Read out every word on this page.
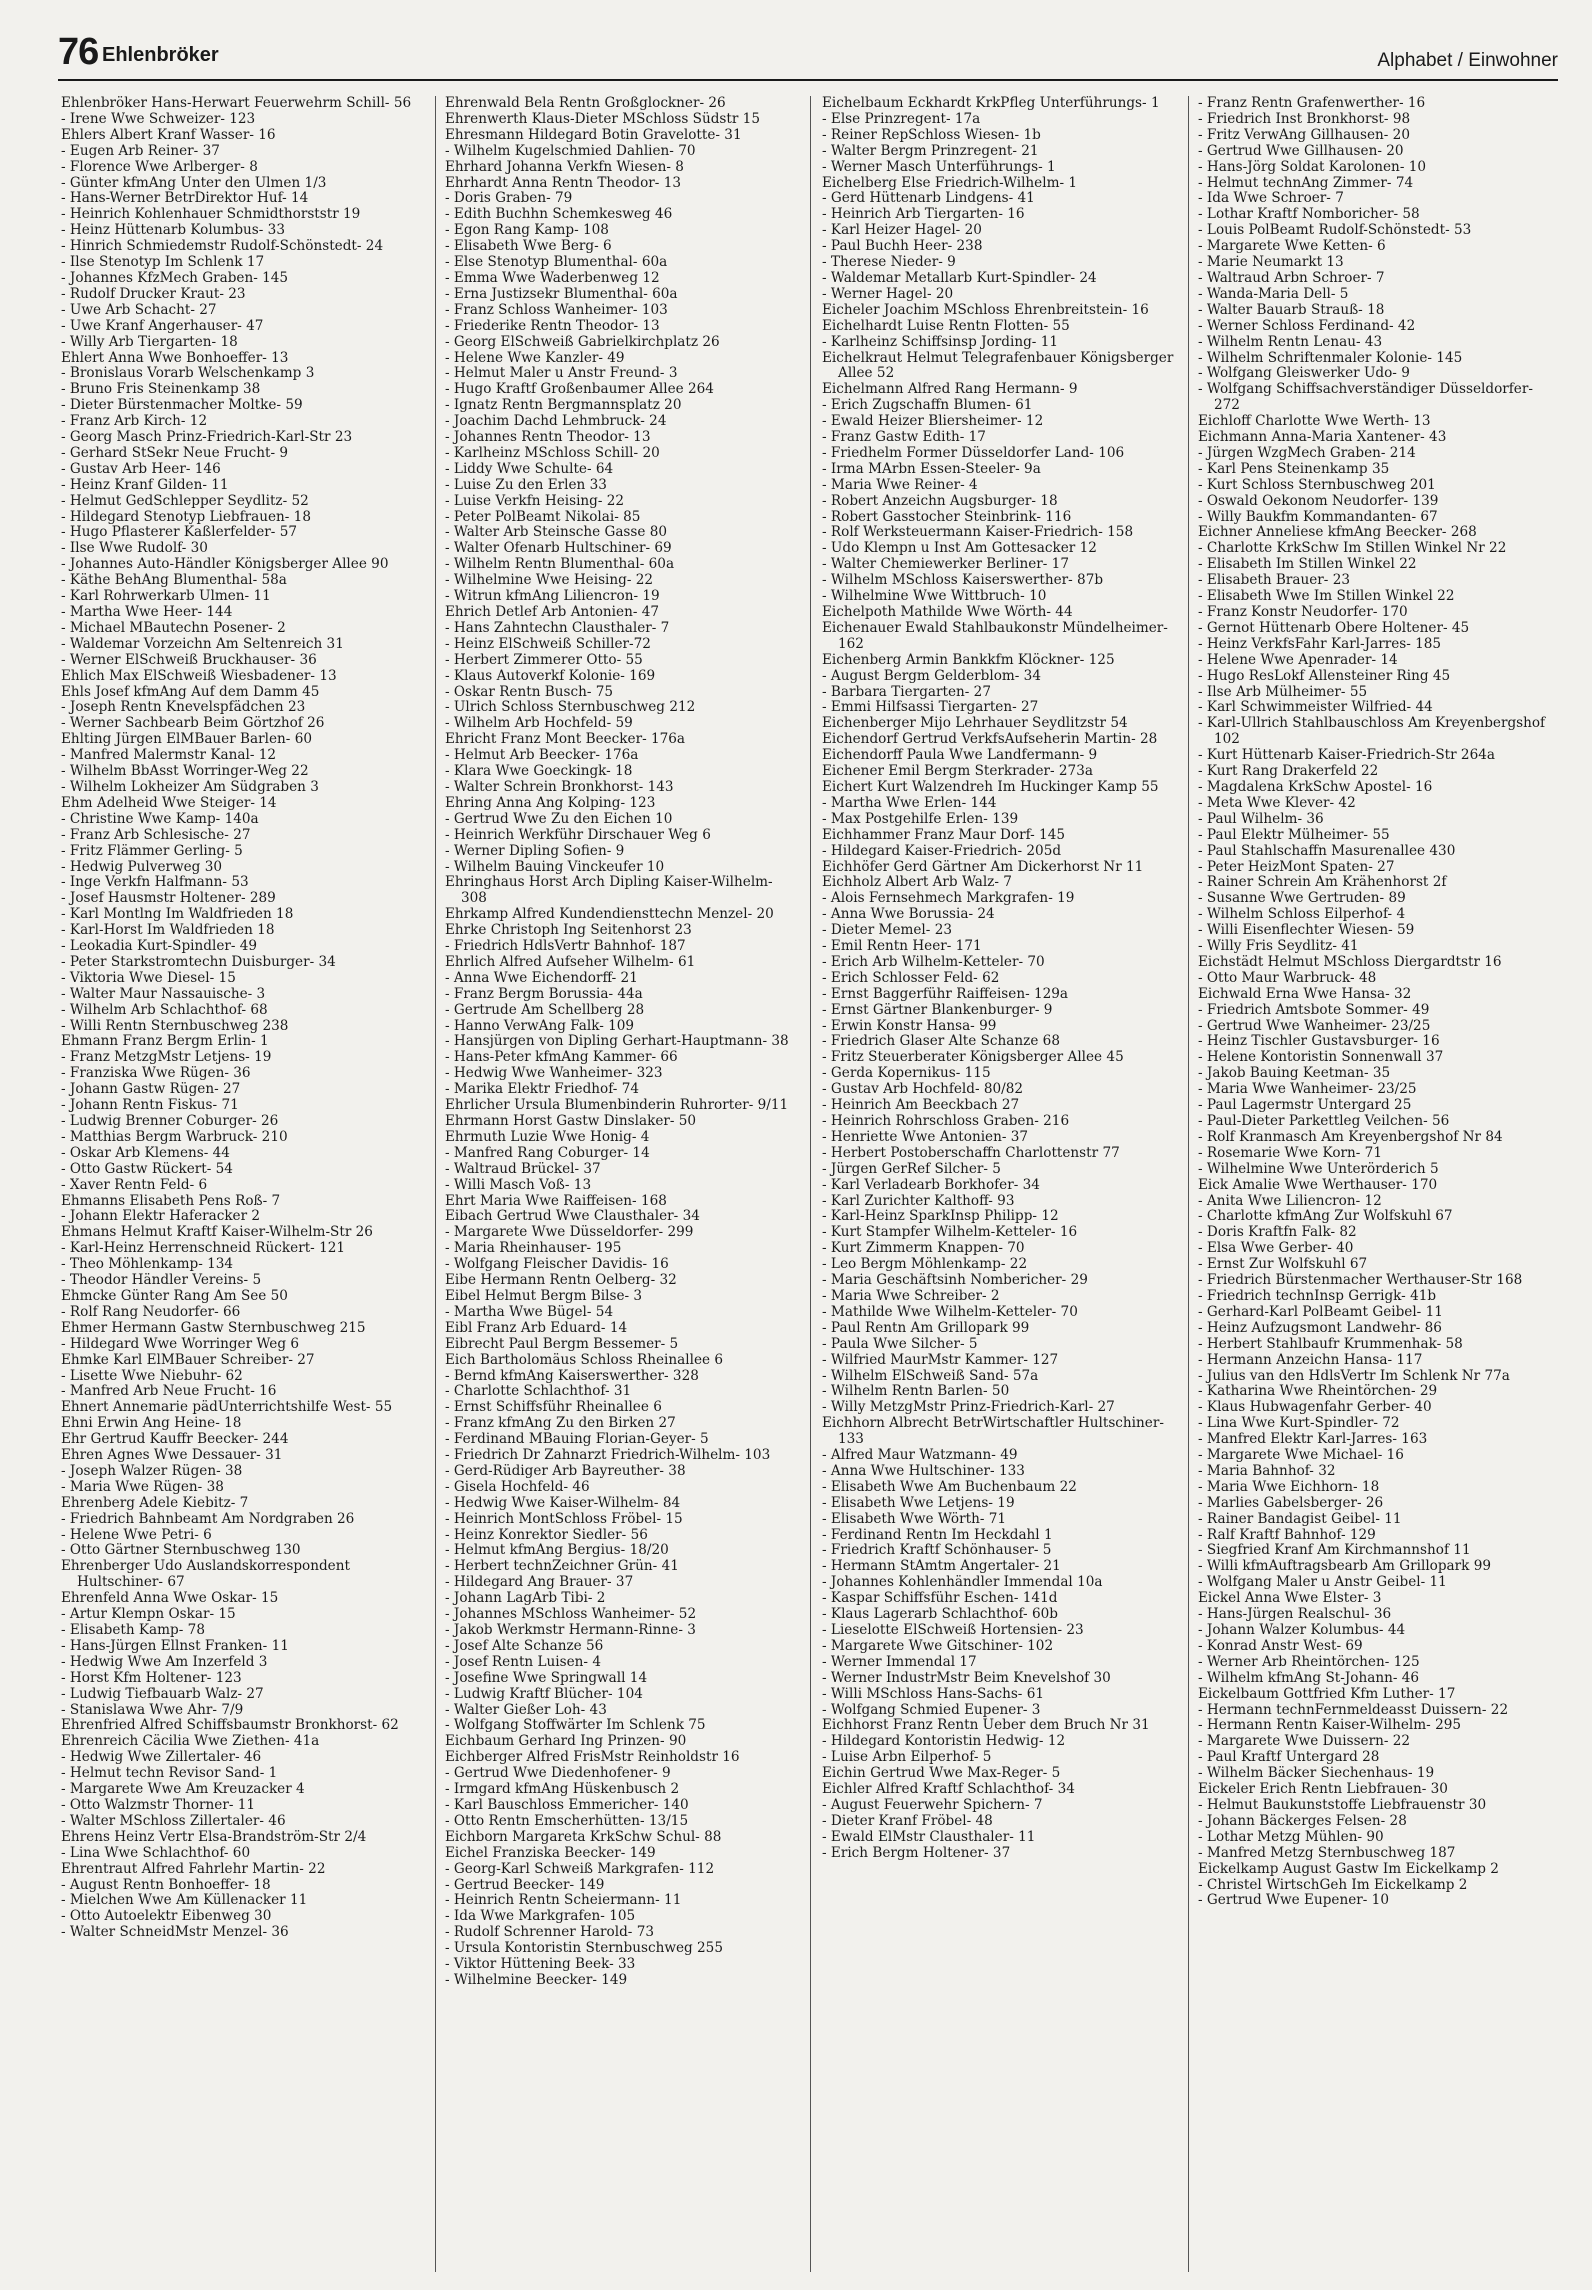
76 Ehlenbröker	Alphabet / Einwohner
Ehlenbröker Hans-Herwart Feuerwehrm Schill- 56
- Irene Wwe Schweizer- 123
Ehlers Albert Kranf Wasser- 16
- Eugen Arb Reiner- 37
- Florence Wwe Arlberger- 8
- Günter kfmAng Unter den Ulmen 1/3
- Hans-Werner BetrDirektor Huf- 14
- Heinrich Kohlenhauer Schmidthorststr 19
- Heinz Hüttenarb Kolumbus- 33
- Hinrich Schmiedemstr Rudolf-Schönstedt- 24
- Ilse Stenotyp Im Schlenk 17
- Johannes KfzMech Graben- 145
- Rudolf Drucker Kraut- 23
- Uwe Arb Schacht- 27
- Uwe Kranf Angerhauser- 47
- Willy Arb Tiergarten- 18
Ehlert Anna Wwe Bonhoeffer- 13
- Bronislaus Vorarb Welschenkamp 3
- Bruno Fris Steinenkamp 38
- Dieter Bürstenmacher Moltke- 59
- Franz Arb Kirch- 12
- Georg Masch Prinz-Friedrich-Karl-Str 23
- Gerhard StSekr Neue Frucht- 9
- Gustav Arb Heer- 146
- Heinz Kranf Gilden- 11
- Helmut GedSchlepper Seydlitz- 52
- Hildegard Stenotyp Liebfrauen- 18
- Hugo Pflasterer Kaßlerfelder- 57
- Ilse Wwe Rudolf- 30
- Johannes Auto-Händler Königsberger Allee 90
- Käthe BehAng Blumenthal- 58a
- Karl Rohrwerkarb Ulmen- 11
- Martha Wwe Heer- 144
- Michael MBautechn Posener- 2
- Waldemar Vorzeichn Am Seltenreich 31
- Werner ElSchweiß Bruckhauser- 36
Ehlich Max ElSchweiß Wiesbadener- 13
Ehls Josef kfmAng Auf dem Damm 45
- Joseph Rentn Knevelspfädchen 23
- Werner Sachbearb Beim Görtzhof 26
Ehlting Jürgen ElMBauer Barlen- 60
- Manfred Malermstr Kanal- 12
- Wilhelm BbAsst Worringer-Weg 22
- Wilhelm Lokheizer Am Südgraben 3
Ehm Adelheid Wwe Steiger- 14
- Christine Wwe Kamp- 140a
- Franz Arb Schlesische- 27
- Fritz Flämmer Gerling- 5
- Hedwig Pulverweg 30
- Inge Verkfn Halfmann- 53
- Josef Hausmstr Holtener- 289
- Karl Montlng Im Waldfrieden 18
- Karl-Horst Im Waldfrieden 18
- Leokadia Kurt-Spindler- 49
- Peter Starkstromtechn Duisburger- 34
- Viktoria Wwe Diesel- 15
- Walter Maur Nassauische- 3
- Wilhelm Arb Schlachthof- 68
- Willi Rentn Sternbuschweg 238
Ehmann Franz Bergm Erlin- 1
- Franz MetzgMstr Letjens- 19
- Franziska Wwe Rügen- 36
- Johann Gastw Rügen- 27
- Johann Rentn Fiskus- 71
- Ludwig Brenner Coburger- 26
- Matthias Bergm Warbruck- 210
- Oskar Arb Klemens- 44
- Otto Gastw Rückert- 54
- Xaver Rentn Feld- 6
Ehmanns Elisabeth Pens Roß- 7
- Johann Elektr Haferacker 2
Ehmans Helmut Kraftf Kaiser-Wilhelm-Str 26
- Karl-Heinz Herrenschneid Rückert- 121
- Theo Möhlenkamp- 134
- Theodor Händler Vereins- 5
Ehmcke Günter Rang Am See 50
- Rolf Rang Neudorfer- 66
Ehmer Hermann Gastw Sternbuschweg 215
- Hildegard Wwe Worringer Weg 6
Ehmke Karl ElMBauer Schreiber- 27
- Lisette Wwe Niebuhr- 62
- Manfred Arb Neue Frucht- 16
Ehnert Annemarie pädUnterrichtshilfe West- 55
Ehni Erwin Ang Heine- 18
Ehr Gertrud Kauffr Beecker- 244
Ehren Agnes Wwe Dessauer- 31
- Joseph Walzer Rügen- 38
- Maria Wwe Rügen- 38
Ehrenberg Adele Kiebitz- 7
- Friedrich Bahnbeamt Am Nordgraben 26
- Helene Wwe Petri- 6
- Otto Gärtner Sternbuschweg 130
Ehrenberger Udo Auslandskorrespondent Hultschiner- 67
Ehrenfeld Anna Wwe Oskar- 15
- Artur Klempn Oskar- 15
- Elisabeth Kamp- 78
- Hans-Jürgen Ellnst Franken- 11
- Hedwig Wwe Am Inzerfeld 3
- Horst Kfm Holtener- 123
- Ludwig Tiefbauarb Walz- 27
- Stanislawa Wwe Ahr- 7/9
Ehrenfried Alfred Schiffsbaumstr Bronkhorst- 62
Ehrenreich Cäcilia Wwe Ziethen- 41a
- Hedwig Wwe Zillertaler- 46
- Helmut techn Revisor Sand- 1
- Margarete Wwe Am Kreuzacker 4
- Otto Walzmstr Thorner- 11
- Walter MSchloss Zillertaler- 46
Ehrens Heinz Vertr Elsa-Brandström-Str 2/4
- Lina Wwe Schlachthof- 60
Ehrentraut Alfred Fahrlehr Martin- 22
- August Rentn Bonhoeffer- 18
- Mielchen Wwe Am Küllenacker 11
- Otto Autoelektr Eibenweg 30
- Walter SchneidMstr Menzel- 36
Ehrenwald Bela Rentn Großglockner- 26
Ehrenwerth Klaus-Dieter MSchloss Südstr 15
Ehresmann Hildegard Botin Gravelotte- 31
- Wilhelm Kugelschmied Dahlien- 70
Ehrhard Johanna Verkfn Wiesen- 8
Ehrhardt Anna Rentn Theodor- 13
- Doris Graben- 79
- Edith Buchhn Schemkesweg 46
- Egon Rang Kamp- 108
- Elisabeth Wwe Berg- 6
- Else Stenotyp Blumenthal- 60a
- Emma Wwe Waderbenweg 12
- Erna Justizsekr Blumenthal- 60a
- Franz Schloss Wanheimer- 103
- Friederike Rentn Theodor- 13
- Georg ElSchweiß Gabrielkirchplatz 26
- Helene Wwe Kanzler- 49
- Helmut Maler u Anstr Freund- 3
- Hugo Kraftf Großenbaumer Allee 264
- Ignatz Rentn Bergmannsplatz 20
- Joachim Dachd Lehmbruck- 24
- Johannes Rentn Theodor- 13
- Karlheinz MSchloss Schill- 20
- Liddy Wwe Schulte- 64
- Luise Zu den Erlen 33
- Luise Verkfn Heising- 22
- Peter PolBeamt Nikolai- 85
- Walter Arb Steinsche Gasse 80
- Walter Ofenarb Hultschiner- 69
- Wilhelm Rentn Blumenthal- 60a
- Wilhelmine Wwe Heising- 22
- Witrun kfmAng Liliencron- 19
Ehrich Detlef Arb Antonien- 47
- Hans Zahntechn Clausthaler- 7
- Heinz ElSchweiß Schiller-72
- Herbert Zimmerer Otto- 55
- Klaus Autoverkf Kolonie- 169
- Oskar Rentn Busch- 75
- Ulrich Schloss Sternbuschweg 212
- Wilhelm Arb Hochfeld- 59
Ehricht Franz Mont Beecker- 176a
- Helmut Arb Beecker- 176a
- Klara Wwe Goeckingk- 18
- Walter Schrein Bronkhorst- 143
Ehring Anna Ang Kolping- 123
- Gertrud Wwe Zu den Eichen 10
- Heinrich Werkführ Dirschauer Weg 6
- Werner Dipling Sofien- 9
- Wilhelm Bauing Vinckeufer 10
Ehringhaus Horst Arch Dipling Kaiser-Wilhelm- 308
Ehrkamp Alfred Kundendiensttechn Menzel- 20
Ehrke Christoph Ing Seitenhorst 23
- Friedrich HdlsVertr Bahnhof- 187
Ehrlich Alfred Aufseher Wilhelm- 61
- Anna Wwe Eichendorff- 21
- Franz Bergm Borussia- 44a
- Gertrude Am Schellberg 28
- Hanno VerwAng Falk- 109
- Hansjürgen von Dipling Gerhart-Hauptmann- 38
- Hans-Peter kfmAng Kammer- 66
- Hedwig Wwe Wanheimer- 323
- Marika Elektr Friedhof- 74
Ehrlicher Ursula Blumenbinderin Ruhrorter- 9/11
Ehrmann Horst Gastw Dinslaker- 50
Ehrmuth Luzie Wwe Honig- 4
- Manfred Rang Coburger- 14
- Waltraud Brückel- 37
- Willi Masch Voß- 13
Ehrt Maria Wwe Raiffeisen- 168
Eibach Gertrud Wwe Clausthaler- 34
- Margarete Wwe Düsseldorfer- 299
- Maria Rheinhauser- 195
- Wolfgang Fleischer Davidis- 16
Eibe Hermann Rentn Oelberg- 32
Eibel Helmut Bergm Bilse- 3
- Martha Wwe Bügel- 54
Eibl Franz Arb Eduard- 14
Eibrecht Paul Bergm Bessemer- 5
Eich Bartholomäus Schloss Rheinallee 6
- Bernd kfmAng Kaiserswerther- 328
- Charlotte Schlachthof- 31
- Ernst Schiffsführ Rheinallee 6
- Franz kfmAng Zu den Birken 27
- Ferdinand MBauing Florian-Geyer- 5
- Friedrich Dr Zahnarzt Friedrich-Wilhelm- 103
- Gerd-Rüdiger Arb Bayreuther- 38
- Gisela Hochfeld- 46
- Hedwig Wwe Kaiser-Wilhelm- 84
- Heinrich MontSchloss Fröbel- 15
- Heinz Konrektor Siedler- 56
- Helmut kfmAng Bergius- 18/20
- Herbert technZeichner Grün- 41
- Hildegard Ang Brauer- 37
- Johann LagArb Tibi- 2
- Johannes MSchloss Wanheimer- 52
- Jakob Werkmstr Hermann-Rinne- 3
- Josef Alte Schanze 56
- Josef Rentn Luisen- 4
- Josefine Wwe Springwall 14
- Ludwig Kraftf Blücher- 104
- Walter Gießer Loh- 43
- Wolfgang Stoffwärter Im Schlenk 75
Eichbaum Gerhard Ing Prinzen- 90
Eichberger Alfred FrisMstr Reinholdstr 16
- Gertrud Wwe Diedenhofener- 9
- Irmgard kfmAng Hüskenbusch 2
- Karl Bauschloss Emmericher- 140
- Otto Rentn Emscherhütten- 13/15
Eichborn Margareta KrkSchw Schul- 88
Eichel Franziska Beecker- 149
- Georg-Karl Schweiß Markgrafen- 112
- Gertrud Beecker- 149
- Heinrich Rentn Scheiermann- 11
- Ida Wwe Markgrafen- 105
- Rudolf Schrenner Harold- 73
- Ursula Kontoristin Sternbuschweg 255
- Viktor Hüttening Beek- 33
- Wilhelmine Beecker- 149
Eichelbaum Eckhardt KrkPfleg Unterführungs- 1
- Else Prinzregent- 17a
- Reiner RepSchloss Wiesen- 1b
- Walter Bergm Prinzregent- 21
- Werner Masch Unterführungs- 1
Eichelberg Else Friedrich-Wilhelm- 1
- Gerd Hüttenarb Lindgens- 41
- Heinrich Arb Tiergarten- 16
- Karl Heizer Hagel- 20
- Paul Buchh Heer- 238
- Therese Nieder- 9
- Waldemar Metallarb Kurt-Spindler- 24
- Werner Hagel- 20
Eicheler Joachim MSchloss Ehrenbreitstein- 16
Eichelhardt Luise Rentn Flotten- 55
- Karlheinz Schiffsinsp Jording- 11
Eichelkraut Helmut Telegrafenbauer Königsberger Allee 52
Eichelmann Alfred Rang Hermann- 9
- Erich Zugschaffn Blumen- 61
- Ewald Heizer Bliersheimer- 12
- Franz Gastw Edith- 17
- Friedhelm Former Düsseldorfer Land- 106
- Irma MArbn Essen-Steeler- 9a
- Maria Wwe Reiner- 4
- Robert Anzeichn Augsburger- 18
- Robert Gasstocher Steinbrink- 116
- Rolf Werksteuermann Kaiser-Friedrich- 158
- Udo Klempn u Inst Am Gottesacker 12
- Walter Chemiewerker Berliner- 17
- Wilhelm MSchloss Kaiserswerther- 87b
- Wilhelmine Wwe Wittbruch- 10
Eichelpoth Mathilde Wwe Wörth- 44
Eichenauer Ewald Stahlbaukonstr Mündelheimer- 162
Eichenberg Armin Bankkfm Klöckner- 125
- August Bergm Gelderblom- 34
- Barbara Tiergarten- 27
- Emmi Hilfsassi Tiergarten- 27
Eichenberger Mijo Lehrhauer Seydlitzstr 54
Eichendorf Gertrud VerkfsAufseherin Martin- 28
Eichendorff Paula Wwe Landfermann- 9
Eichener Emil Bergm Sterkrader- 273a
Eichert Kurt Walzendreh Im Huckinger Kamp 55
- Martha Wwe Erlen- 144
- Max Postgehilfe Erlen- 139
Eichhammer Franz Maur Dorf- 145
- Hildegard Kaiser-Friedrich- 205d
Eichhöfer Gerd Gärtner Am Dickerhorst Nr 11
Eichholz Albert Arb Walz- 7
- Alois Fernsehmech Markgrafen- 19
- Anna Wwe Borussia- 24
- Dieter Memel- 23
- Emil Rentn Heer- 171
- Erich Arb Wilhelm-Ketteler- 70
- Erich Schlosser Feld- 62
- Ernst Baggerführ Raiffeisen- 129a
- Ernst Gärtner Blankenburger- 9
- Erwin Konstr Hansa- 99
- Friedrich Glaser Alte Schanze 68
- Fritz Steuerberater Königsberger Allee 45
- Gerda Kopernikus- 115
- Gustav Arb Hochfeld- 80/82
- Heinrich Am Beeckbach 27
- Heinrich Rohrschloss Graben- 216
- Henriette Wwe Antonien- 37
- Herbert Postoberschaffn Charlottenstr 77
- Jürgen GerRef Silcher- 5
- Karl Verladearb Borkhofer- 34
- Karl Zurichter Kalthoff- 93
- Karl-Heinz SparkInsp Philipp- 12
- Kurt Stampfer Wilhelm-Ketteler- 16
- Kurt Zimmerm Knappen- 70
- Leo Bergm Möhlenkamp- 22
- Maria Geschäftsinh Nombericher- 29
- Maria Wwe Schreiber- 2
- Mathilde Wwe Wilhelm-Ketteler- 70
- Paul Rentn Am Grillopark 99
- Paula Wwe Silcher- 5
- Wilfried MaurMstr Kammer- 127
- Wilhelm ElSchweiß Sand- 57a
- Wilhelm Rentn Barlen- 50
- Willy MetzgMstr Prinz-Friedrich-Karl- 27
Eichhorn Albrecht BetrWirtschaftler Hultschiner- 133
- Alfred Maur Watzmann- 49
- Anna Wwe Hultschiner- 133
- Elisabeth Wwe Am Buchenbaum 22
- Elisabeth Wwe Letjens- 19
- Elisabeth Wwe Wörth- 71
- Ferdinand Rentn Im Heckdahl 1
- Friedrich Kraftf Schönhauser- 5
- Hermann StAmtm Angertaler- 21
- Johannes Kohlenhändler Immendal 10a
- Kaspar Schiffsführ Eschen- 141d
- Klaus Lagerarb Schlachthof- 60b
- Lieselotte ElSchweiß Hortensien- 23
- Margarete Wwe Gitschiner- 102
- Werner Immendal 17
- Werner IndustrMstr Beim Knevelshof 30
- Willi MSchloss Hans-Sachs- 61
- Wolfgang Schmied Eupener- 3
Eichhorst Franz Rentn Ueber dem Bruch Nr 31
- Hildegard Kontoristin Hedwig- 12
- Luise Arbn Eilperhof- 5
Eichin Gertrud Wwe Max-Reger- 5
Eichler Alfred Kraftf Schlachthof- 34
- August Feuerwehr Spichern- 7
- Dieter Kranf Fröbel- 48
- Ewald ElMstr Clausthaler- 11
- Erich Bergm Holtener- 37
- Franz Rentn Grafenwerther- 16
- Friedrich Inst Bronkhorst- 98
- Fritz VerwAng Gillhausen- 20
- Gertrud Wwe Gillhausen- 20
- Hans-Jörg Soldat Karolonen- 10
- Helmut technAng Zimmer- 74
- Ida Wwe Schroer- 7
- Lothar Kraftf Nomboricher- 58
- Louis PolBeamt Rudolf-Schönstedt- 53
- Margarete Wwe Ketten- 6
- Marie Neumarkt 13
- Waltraud Arbn Schroer- 7
- Wanda-Maria Dell- 5
- Walter Bauarb Strauß- 18
- Werner Schloss Ferdinand- 42
- Wilhelm Rentn Lenau- 43
- Wilhelm Schriftenmaler Kolonie- 145
- Wolfgang Gleiswerker Udo- 9
- Wolfgang Schiffsachverständiger Düsseldorfer- 272
Eichloff Charlotte Wwe Werth- 13
Eichmann Anna-Maria Xantener- 43
- Jürgen WzgMech Graben- 214
- Karl Pens Steinenkamp 35
- Kurt Schloss Sternbuschweg 201
- Oswald Oekonom Neudorfer- 139
- Willy Baukfm Kommandanten- 67
Eichner Anneliese kfmAng Beecker- 268
- Charlotte KrkSchw Im Stillen Winkel Nr 22
- Elisabeth Im Stillen Winkel 22
- Elisabeth Brauer- 23
- Elisabeth Wwe Im Stillen Winkel 22
- Franz Konstr Neudorfer- 170
- Gernot Hüttenarb Obere Holtener- 45
- Heinz VerkfsFahr Karl-Jarres- 185
- Helene Wwe Apenrader- 14
- Hugo ResLokf Allensteiner Ring 45
- Ilse Arb Mülheimer- 55
- Karl Schwimmeister Wilfried- 44
- Karl-Ullrich Stahlbauschloss Am Kreyenbergshof 102
- Kurt Hüttenarb Kaiser-Friedrich-Str 264a
- Kurt Rang Drakerfeld 22
- Magdalena KrkSchw Apostel- 16
- Meta Wwe Klever- 42
- Paul Wilhelm- 36
- Paul Elektr Mülheimer- 55
- Paul Stahlschaffn Masurenallee 430
- Peter HeizMont Spaten- 27
- Rainer Schrein Am Krähenhorst 2f
- Susanne Wwe Gertruden- 89
- Wilhelm Schloss Eilperhof- 4
- Willi Eisenflechter Wiesen- 59
- Willy Fris Seydlitz- 41
Eichstädt Helmut MSchloss Diergardtstr 16
- Otto Maur Warbruck- 48
Eichwald Erna Wwe Hansa- 32
- Friedrich Amtsbote Sommer- 49
- Gertrud Wwe Wanheimer- 23/25
- Heinz Tischler Gustavsburger- 16
- Helene Kontoristin Sonnenwall 37
- Jakob Bauing Keetman- 35
- Maria Wwe Wanheimer- 23/25
- Paul Lagermstr Untergard 25
- Paul-Dieter Parkettleg Veilchen- 56
- Rolf Kranmasch Am Kreyenbergshof Nr 84
- Rosemarie Wwe Korn- 71
- Wilhelmine Wwe Unterörderich 5
Eick Amalie Wwe Werthauser- 170
- Anita Wwe Liliencron- 12
- Charlotte kfmAng Zur Wolfskuhl 67
- Doris Kraftfn Falk- 82
- Elsa Wwe Gerber- 40
- Ernst Zur Wolfskuhl 67
- Friedrich Bürstenmacher Werthauser-Str 168
- Friedrich technInsp Gerrigk- 41b
- Gerhard-Karl PolBeamt Geibel- 11
- Heinz Aufzugsmont Landwehr- 86
- Herbert Stahlbaufr Krummenhak- 58
- Hermann Anzeichn Hansa- 117
- Julius van den HdlsVertr Im Schlenk Nr 77a
- Katharina Wwe Rheintörchen- 29
- Klaus Hubwagenfahr Gerber- 40
- Lina Wwe Kurt-Spindler- 72
- Manfred Elektr Karl-Jarres- 163
- Margarete Wwe Michael- 16
- Maria Bahnhof- 32
- Maria Wwe Eichhorn- 18
- Marlies Gabelsberger- 26
- Rainer Bandagist Geibel- 11
- Ralf Kraftf Bahnhof- 129
- Siegfried Kranf Am Kirchmannshof 11
- Willi kfmAuftragsbearb Am Grillopark 99
- Wolfgang Maler u Anstr Geibel- 11
Eickel Anna Wwe Elster- 3
- Hans-Jürgen Realschul- 36
- Johann Walzer Kolumbus- 44
- Konrad Anstr West- 69
- Werner Arb Rheintörchen- 125
- Wilhelm kfmAng St-Johann- 46
Eickelbaum Gottfried Kfm Luther- 17
- Hermann technFernmeldeasst Duissern- 22
- Hermann Rentn Kaiser-Wilhelm- 295
- Margarete Wwe Duissern- 22
- Paul Kraftf Untergard 28
- Wilhelm Bäcker Siechenhaus- 19
Eickeler Erich Rentn Liebfrauen- 30
- Helmut Baukunststoffe Liebfrauenstr 30
- Johann Bäckerges Felsen- 28
- Lothar Metzg Mühlen- 90
- Manfred Metzg Sternbuschweg 187
Eickelkamp August Gastw Im Eickelkamp 2
- Christel WirtschGeh Im Eickelkamp 2
- Gertrud Wwe Eupener- 10
